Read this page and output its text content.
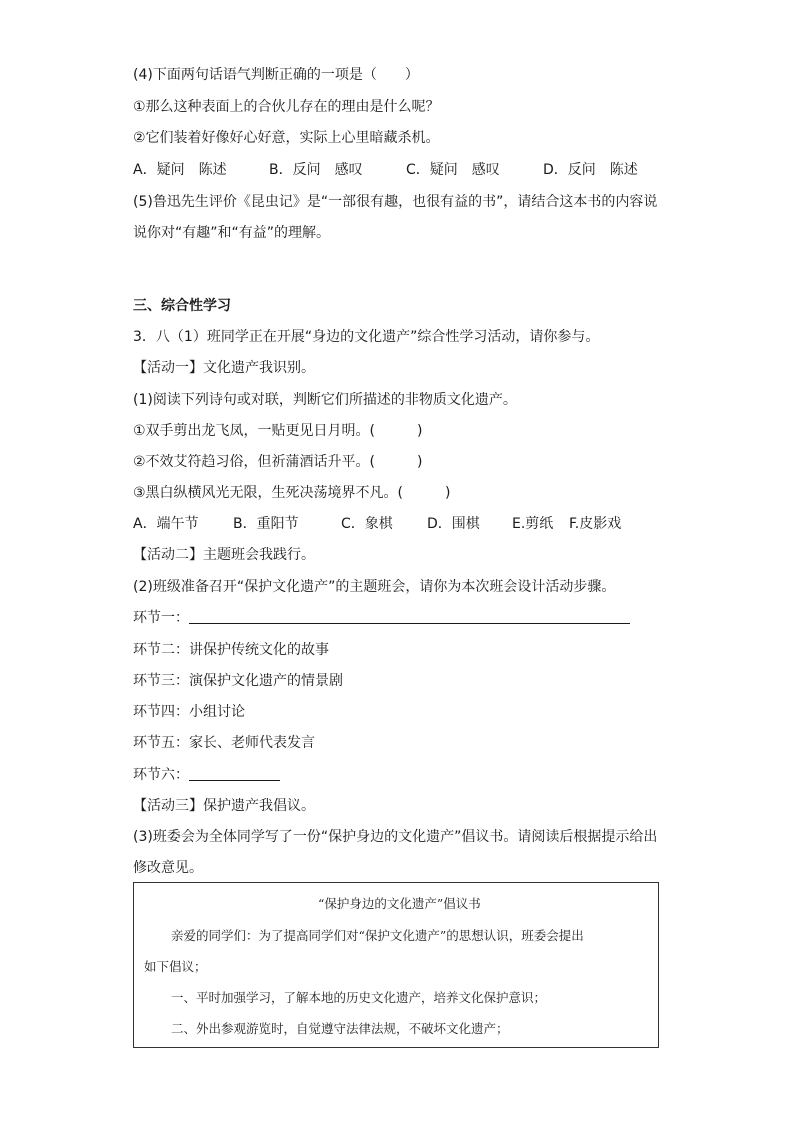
(4)下面两句话语气判断正确的一项是（　　）
①那么这种表面上的合伙儿存在的理由是什么呢？
②它们装着好像好心好意，实际上心里暗藏杀机。
A．疑问　陈述	B．反问　感叹	C．疑问　感叹	D．反问　陈述
(5)鲁迅先生评价《昆虫记》是“一部很有趣，也很有益的书”，请结合这本书的内容说
说你对“有趣”和“有益”的理解。
三、综合性学习
3．八（1）班同学正在开展“身边的文化遗产”综合性学习活动，请你参与。
【活动一】文化遗产我识别。
(1)阅读下列诗句或对联，判断它们所描述的非物质文化遗产。
①双手剪出龙飞凤，一贴更见日月明。(　　　)
②不效艾符趋习俗，但祈蒲酒话升平。(　　　)
③黑白纵横风光无限，生死决荡境界不凡。(　　　)
A．端午节 B．重阳节	C．象棋 D．围棋 E.剪纸 F.皮影戏
【活动二】主题班会我践行。
(2)班级准备召开“保护文化遗产”的主题班会，请你为本次班会设计活动步骤。
环节一：
环节二：讲保护传统文化的故事
环节三：演保护文化遗产的情景剧
环节四：小组讨论
环节五：家长、老师代表发言
环节六：
【活动三】保护遗产我倡议。
(3)班委会为全体同学写了一份“保护身边的文化遗产”倡议书。请阅读后根据提示给出
修改意见。
“保护身边的文化遗产”倡议书
亲爱的同学们：为了提高同学们对“保护文化遗产”的思想认识，班委会提出
如下倡议；
一、平时加强学习，了解本地的历史文化遗产，培养文化保护意识；
二、外出参观游览时，自觉遵守法律法规，不破坏文化遗产；
